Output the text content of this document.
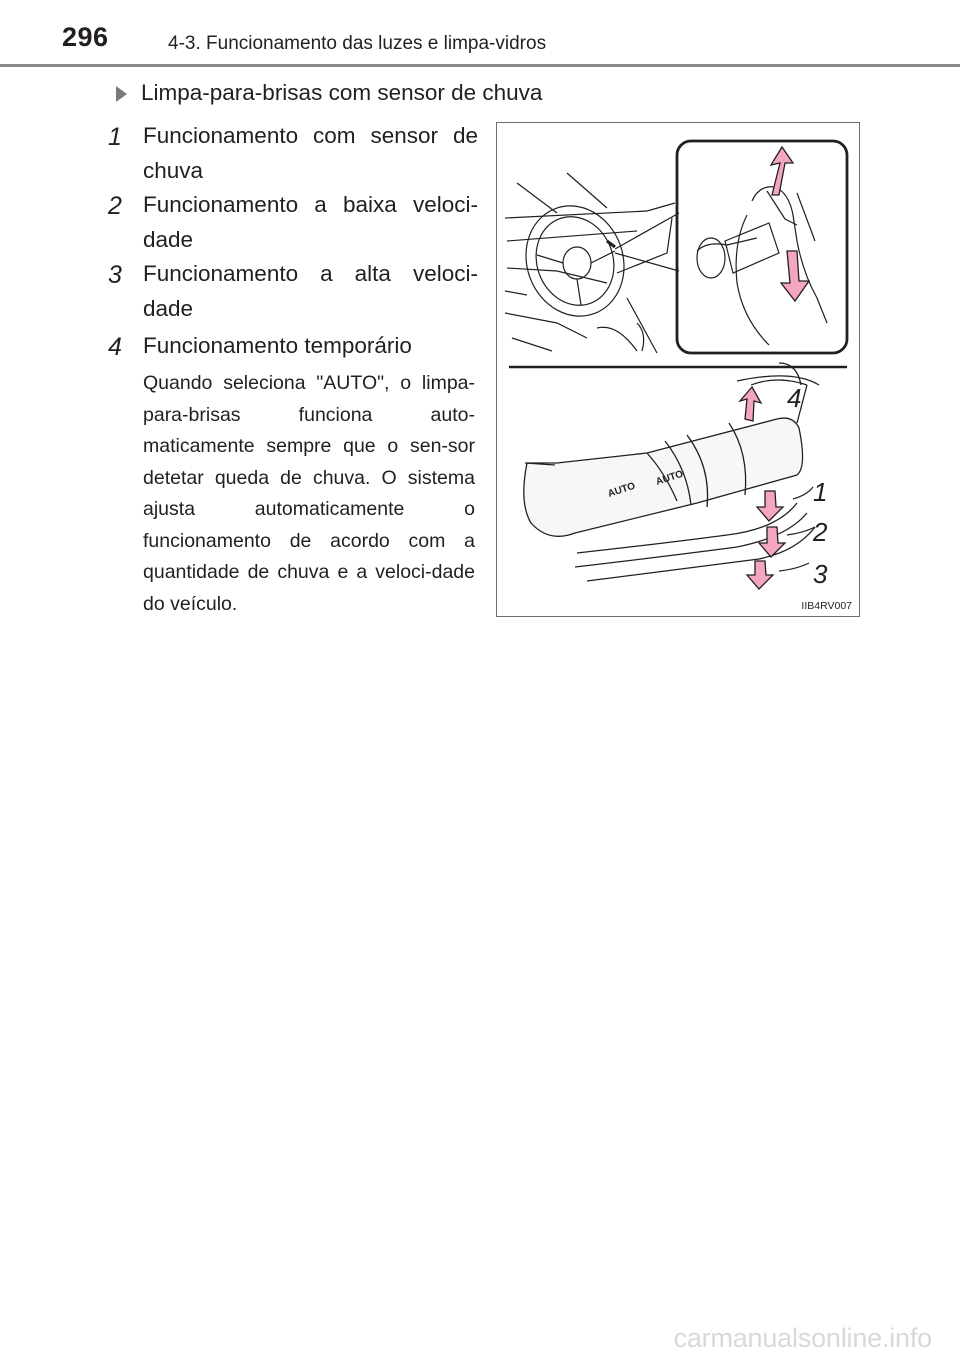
296	4-3. Funcionamento das luzes e limpa-vidros
Limpa-para-brisas com sensor de chuva
1 Funcionamento com sensor de chuva
2 Funcionamento a baixa veloci-dade
3 Funcionamento a alta veloci-dade
4 Funcionamento temporário
Quando seleciona "AUTO", o limpa-para-brisas funciona auto-maticamente sempre que o sen-sor detetar queda de chuva. O sistema ajusta automaticamente o funcionamento de acordo com a quantidade de chuva e a veloci-dade do veículo.
AUTO
AUTO
4
1
2
3
IIB4RV007
carmanualsonline.info
